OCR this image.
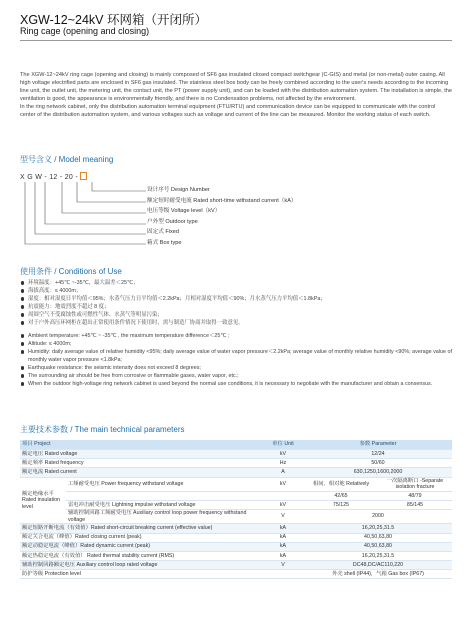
XGW-12~24kV 环网箱（开闭所）
Ring cage (opening and closing)

The XGW-12~24kV ring cage (opening and closing) is mainly composed of SF6 gas insulated closed compact switchgear (C-GIS) and metal (or non-metal) outer casing. All high voltage electrified parts are enclosed in SF6 gas insulated. The stainless steel box body can be freely combined according to the user's needs according to the incoming line unit, the outlet unit, the metering unit, the contact unit, the PT (power supply unit), and can be loaded with the distribution automation system. The installation is simple, the ventilation is good, the appearance is environmentally friendly, and there is no Condensation problems, not affected by the environment.

In the ring network cabinet, only the distribution automation terminal equipment (FTU/RTU) and communication device can be equipped to communicate with the control center of the distribution automation system, and various voltages such as voltage and current of the line can be measured. Monitor the working status of each switch.

型号含义 / Model meaning
X G W - 12 - 20 -
设计序号 Design Number
额定短时耐受电流 Rated short-time withstand current（kA）
电压等级 Voltage level（kV）
户外型 Outdoor type
固定式 Fixed
箱式 Box type
使用条件 / Conditions of Use
环境温度：+45℃ ~-35℃，最大温差＜25℃；
海拔高度：≤ 4000m；
湿度：相对湿度日平均值＜95%；水蒸气压力日平均值＜2.2kPa；月相对湿度平均值＜90%；月水蒸气压力平均值＜1.8kPa；
抗震能力：地震烈度不超过 8 度；
周围空气不受腐蚀性或可燃性气体、水蒸气等明显污染；
对于户外高压环网柜在超出正常使用条件情况下使用时，需与制造厂协商并取得一致意见。
Ambient temperature: +45℃ ~ -35℃ , the maximum temperature difference＜25℃ ;
Altitude: ≤ 4000m;
Humidity: daily average value of relative humidity <95%; daily average value of water vapor pressure＜2.2kPa; average value of monthly relative humidity <90%; average value of monthly water vapor pressure <1.8kPa;
Earthquake resistance: the seismic intensity does not exceed 8 degrees;
The surrounding air should be free from corrosive or flammable gases, water vapor, etc.;
When the outdoor high-voltage ring network cabinet is used beyond the normal use conditions, it is necessary to negotiate with the manufacturer and obtain a consensus.
主要技术参数 / The main technical parameters
项目 Project		单位 Unit	参数 Parameter	
额定电压 Rated voltage		kV	12/24	
额定频率 Rated frequency		Hz	50/60	
额定电流 Rated current		A	630,1250,1600,2000	
额定绝缘水平 Rated insulation level	工频耐受电压 Power frequency withstand voltage	kV	相间、相对地 Relatively	一次隔离断口 -Separate isolation fracture
			42/65	48/79
	雷电冲击耐受电压 Lightning impulse withstand voltage	kV	75/125	85/145
	辅助控制回路工频耐受电压 Auxiliary control loop power frequency withstand voltage	V	2000	
额定短路开断电流（有效值）Rated short-circuit breaking current (effective value)		kA	16,20,25,31.5	
额定关合电流（峰值）Rated closing current (peak)		kA	40,50,63,80	
额定动稳定电流（峰值）Rated dynamic current (peak)		kA	40,50,63,80	
额定热稳定电流（有效值） Rated thermal stability current (RMS)		kA	16,20,25,31.5	
辅助控制回路额定电压 Auxiliary control loop rated voltage		V	DC48,DC/AC110,220	
防护等级 Protection level			外壳 shell (IP44)，气箱 Gas box (IP67)	
